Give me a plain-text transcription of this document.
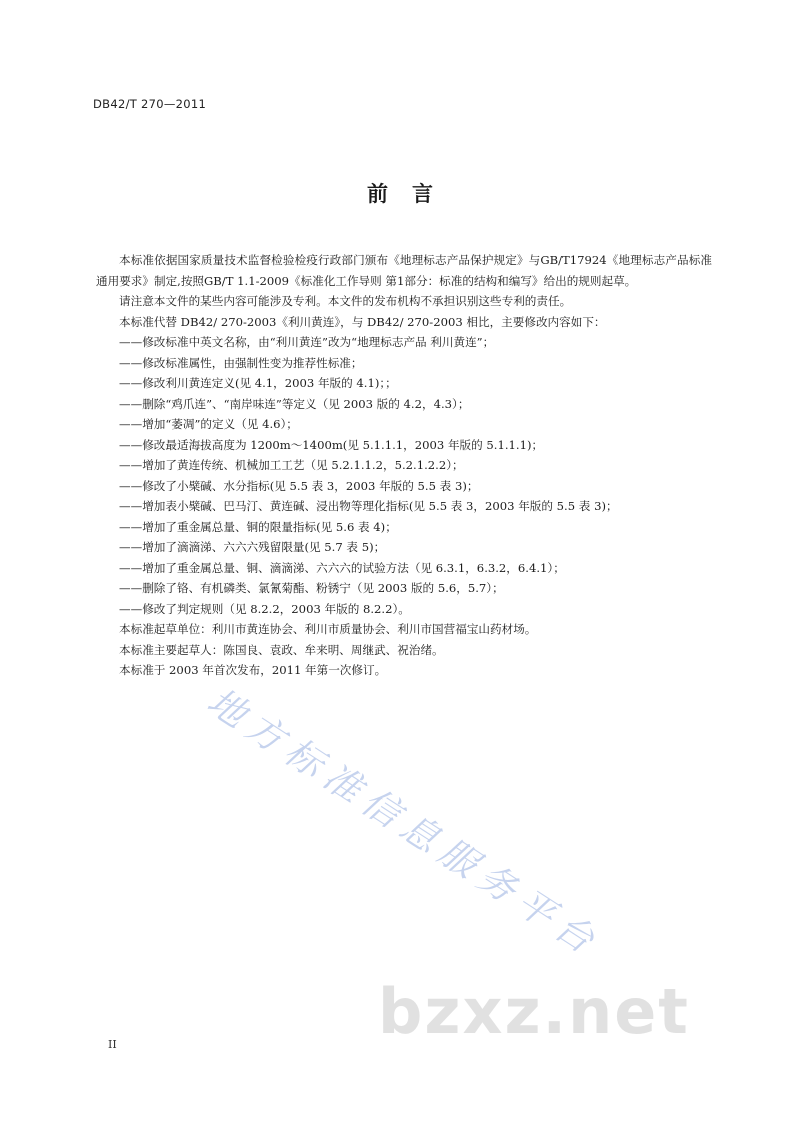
DB42/T 270—2011
前言

本标准依据国家质量技术监督检验检疫行政部门颁布《地理标志产品保护规定》与GB/T17924《地理标志产品标准通用要求》制定,按照GB/T 1.1-2009《标准化工作导则 第1部分：标准的结构和编写》给出的规则起草。

请注意本文件的某些内容可能涉及专利。本文件的发布机构不承担识别这些专利的责任。

本标准代替 DB42/ 270-2003《利川黄连》，与 DB42/ 270-2003 相比，主要修改内容如下：

——修改标准中英文名称，由“利川黄连”改为“地理标志产品 利川黄连”；

——修改标准属性，由强制性变为推荐性标准；

——修改利川黄连定义(见 4.1，2003 年版的 4.1)；；

——删除“鸡爪连”、“南岸味连”等定义（见 2003 版的 4.2，4.3）；

——增加“萎凋”的定义（见 4.6）；

——修改最适海拔高度为 1200m～1400m(见 5.1.1.1，2003 年版的 5.1.1.1)；

——增加了黄连传统、机械加工工艺（见 5.2.1.1.2，5.2.1.2.2）；

——修改了小檗碱、水分指标(见 5.5 表 3，2003 年版的 5.5 表 3)；

——增加表小檗碱、巴马汀、黄连碱、浸出物等理化指标(见 5.5 表 3，2003 年版的 5.5 表 3)；

——增加了重金属总量、铜的限量指标(见 5.6 表 4)；

——增加了滴滴涕、六六六残留限量(见 5.7 表 5)；

——增加了重金属总量、铜、滴滴涕、六六六的试验方法（见 6.3.1，6.3.2，6.4.1）；

——删除了铬、有机磷类、氯氰菊酯、粉锈宁（见 2003 版的 5.6，5.7）；

——修改了判定规则（见 8.2.2，2003 年版的 8.2.2）。

本标准起草单位：利川市黄连协会、利川市质量协会、利川市国营福宝山药材场。

本标准主要起草人：陈国良、袁政、牟来明、周继武、祝治绪。

本标准于 2003 年首次发布，2011 年第一次修订。

地方标准信息服务平台
bzxz.net
II
